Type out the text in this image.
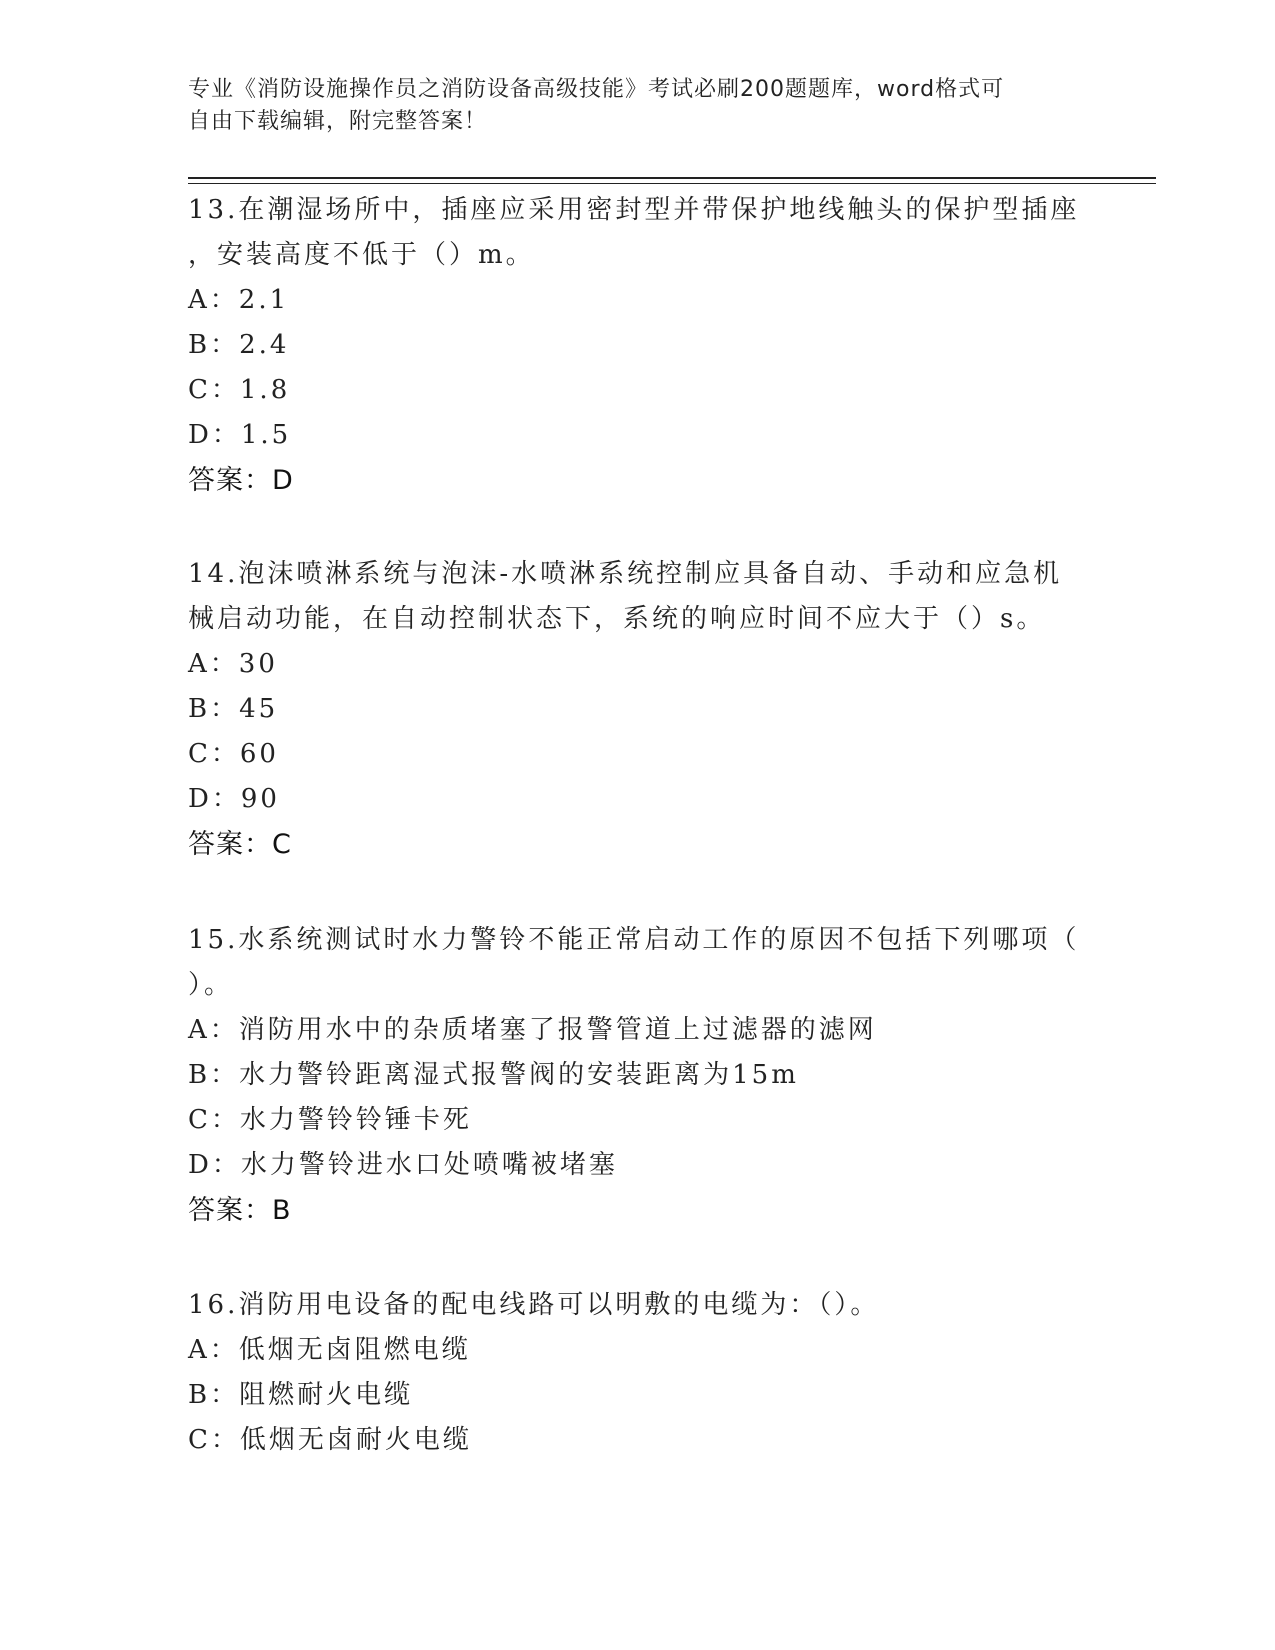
专业《消防设施操作员之消防设备高级技能》考试必刷200题题库，word格式可
自由下载编辑，附完整答案！
13.在潮湿场所中，插座应采用密封型并带保护地线触头的保护型插座
，安装高度不低于（）m。
A：2.1
B：2.4
C：1.8
D：1.5
答案：D
14.泡沫喷淋系统与泡沫-水喷淋系统控制应具备自动、手动和应急机
械启动功能，在自动控制状态下，系统的响应时间不应大于（）s。
A：30
B：45
C：60
D：90
答案：C
15.水系统测试时水力警铃不能正常启动工作的原因不包括下列哪项（
）。
A：消防用水中的杂质堵塞了报警管道上过滤器的滤网
B：水力警铃距离湿式报警阀的安装距离为15m
C：水力警铃铃锤卡死
D：水力警铃进水口处喷嘴被堵塞
答案：B
16.消防用电设备的配电线路可以明敷的电缆为：（）。
A：低烟无卤阻燃电缆
B：阻燃耐火电缆
C：低烟无卤耐火电缆
